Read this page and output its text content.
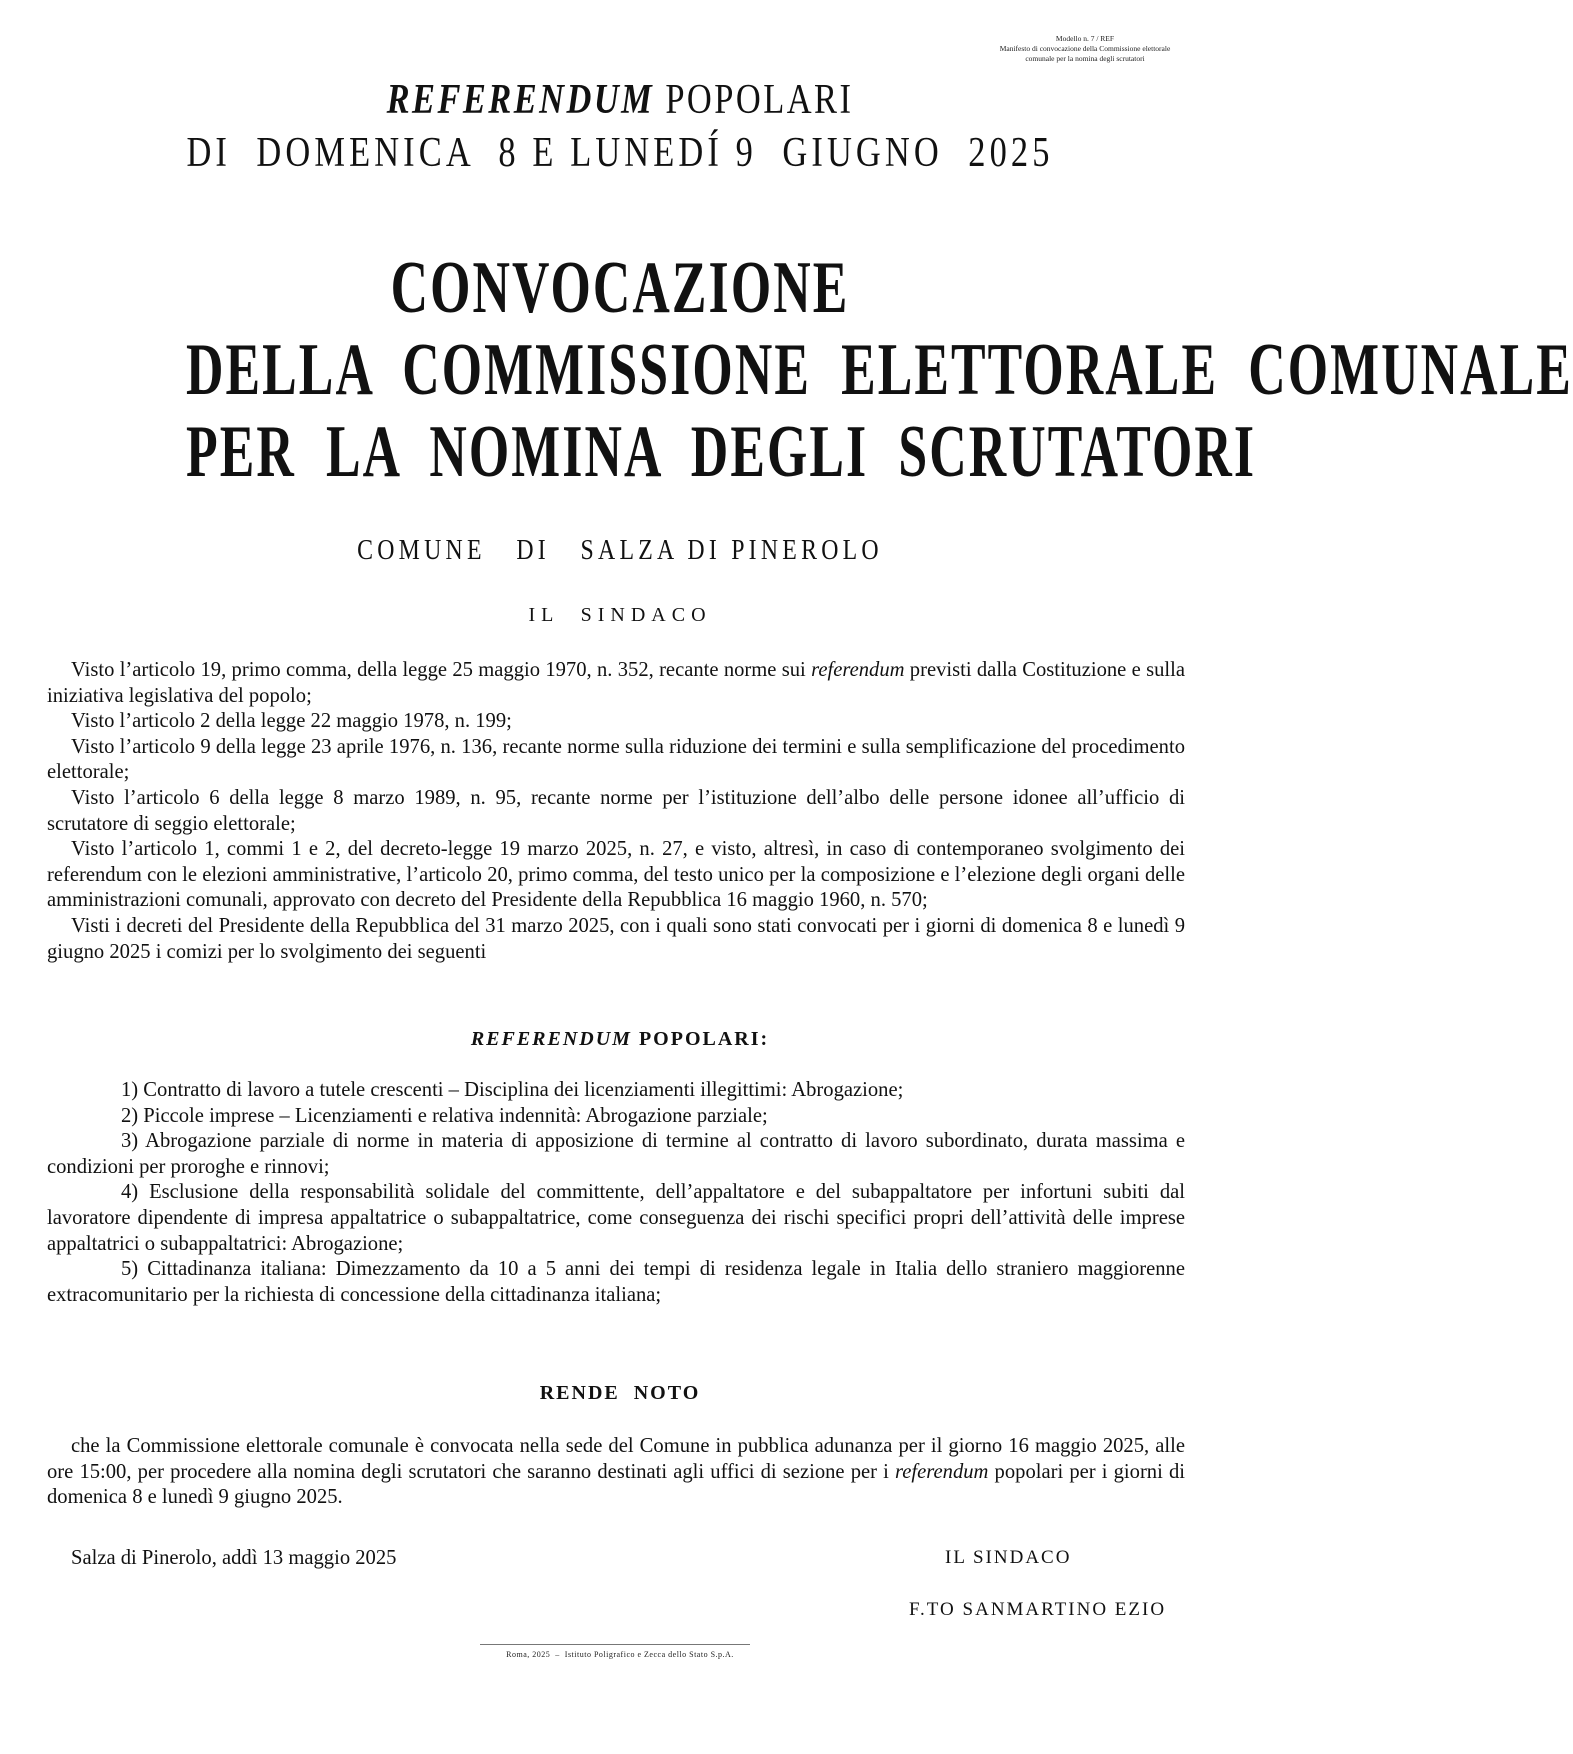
Modello n. 7 / REF
Manifesto di convocazione della Commissione elettorale
comunale per la nomina degli scrutatori
REFERENDUM POPOLARI
DI  DOMENICA  8 E LUNEDÍ 9  GIUGNO  2025
CONVOCAZIONE
DELLA  COMMISSIONE  ELETTORALE  COMUNALE
PER  LA  NOMINA  DEGLI  SCRUTATORI
COMUNE   DI   SALZA DI PINEROLO
IL  SINDACO

Visto l’articolo 19, primo comma, della legge 25 maggio 1970, n. 352, recante norme sui referendum previsti dalla Costituzione e sulla iniziativa legislativa del popolo;

Visto l’articolo 2 della legge 22 maggio 1978, n. 199;

Visto l’articolo 9 della legge 23 aprile 1976, n. 136, recante norme sulla riduzione dei termini e sulla semplificazione del procedimento elettorale;

Visto l’articolo 6 della legge 8 marzo 1989, n. 95, recante norme per l’istituzione dell’albo delle persone idonee all’ufficio di scrutatore di seggio elettorale;

Visto l’articolo 1, commi 1 e 2, del decreto-legge 19 marzo 2025, n. 27, e visto, altresì, in caso di contemporaneo svolgimento dei referendum con le elezioni amministrative, l’articolo 20, primo comma, del testo unico per la composizione e l’elezione degli organi delle amministrazioni comunali, approvato con decreto del Presidente della Repubblica 16 maggio 1960, n. 570;

Visti i decreti del Presidente della Repubblica del 31 marzo 2025, con i quali sono stati convocati per i giorni di domenica 8 e lunedì 9 giugno 2025 i comizi per lo svolgimento dei seguenti

REFERENDUM POPOLARI:

1) Contratto di lavoro a tutele crescenti – Disciplina dei licenziamenti illegittimi: Abrogazione;

2) Piccole imprese – Licenziamenti e relativa indennità: Abrogazione parziale;

3) Abrogazione parziale di norme in materia di apposizione di termine al contratto di lavoro subordinato, durata massima e condizioni per proroghe e rinnovi;

4) Esclusione della responsabilità solidale del committente, dell’appaltatore e del subappaltatore per infortuni subiti dal lavoratore dipendente di impresa appaltatrice o subappaltatrice, come conseguenza dei rischi specifici propri dell’attività delle imprese appaltatrici o subappaltatrici: Abrogazione;

5) Cittadinanza italiana: Dimezzamento da 10 a 5 anni dei tempi di residenza legale in Italia dello straniero maggiorenne extracomunitario per la richiesta di concessione della cittadinanza italiana;

RENDE  NOTO

che la Commissione elettorale comunale è convocata nella sede del Comune in pubblica adunanza per il giorno 16 maggio 2025, alle ore 15:00, per procedere alla nomina degli scrutatori che saranno destinati agli uffici di sezione per i referendum popolari per i giorni di domenica 8 e lunedì 9 giugno 2025.

Salza di Pinerolo, addì 13 maggio 2025	IL SINDACO
F.TO SANMARTINO EZIO
Roma, 2025  –  Istituto Poligrafico e Zecca dello Stato S.p.A.
